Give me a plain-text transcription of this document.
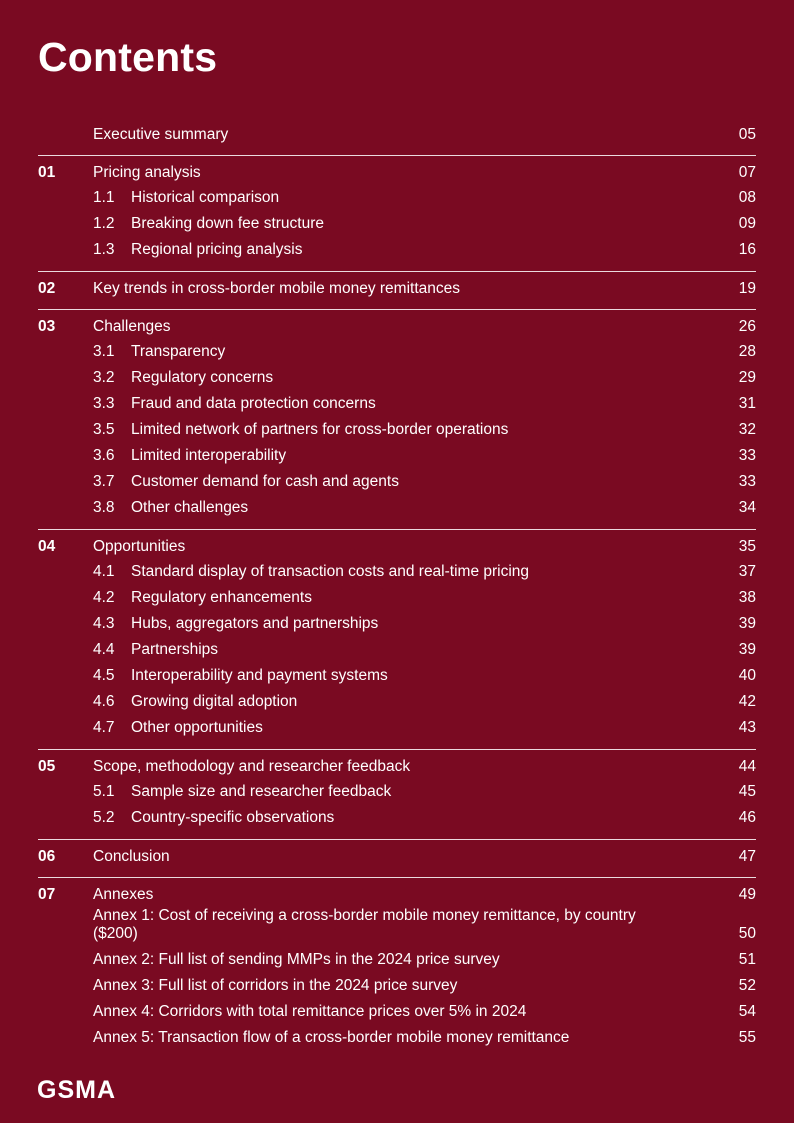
Contents
Executive summary	05
01	Pricing analysis	07
1.1 Historical comparison	08
1.2 Breaking down fee structure	09
1.3 Regional pricing analysis	16
02	Key trends in cross-border mobile money remittances	19
03	Challenges	26
3.1 Transparency	28
3.2 Regulatory concerns	29
3.3 Fraud and data protection concerns	31
3.5 Limited network of partners for cross-border operations	32
3.6 Limited interoperability	33
3.7 Customer demand for cash and agents	33
3.8 Other challenges	34
04	Opportunities	35
4.1 Standard display of transaction costs and real-time pricing	37
4.2 Regulatory enhancements	38
4.3 Hubs, aggregators and partnerships	39
4.4 Partnerships	39
4.5 Interoperability and payment systems	40
4.6 Growing digital adoption	42
4.7 Other opportunities	43
05	Scope, methodology and researcher feedback	44
5.1 Sample size and researcher feedback	45
5.2 Country-specific observations	46
06	Conclusion	47
07	Annexes	49
Annex 1: Cost of receiving a cross-border mobile money remittance, by country ($200)	50
Annex 2: Full list of sending MMPs in the 2024 price survey	51
Annex 3: Full list of corridors in the 2024 price survey	52
Annex 4: Corridors with total remittance prices over 5% in 2024	54
Annex 5: Transaction flow of a cross-border mobile money remittance	55
GSMA
